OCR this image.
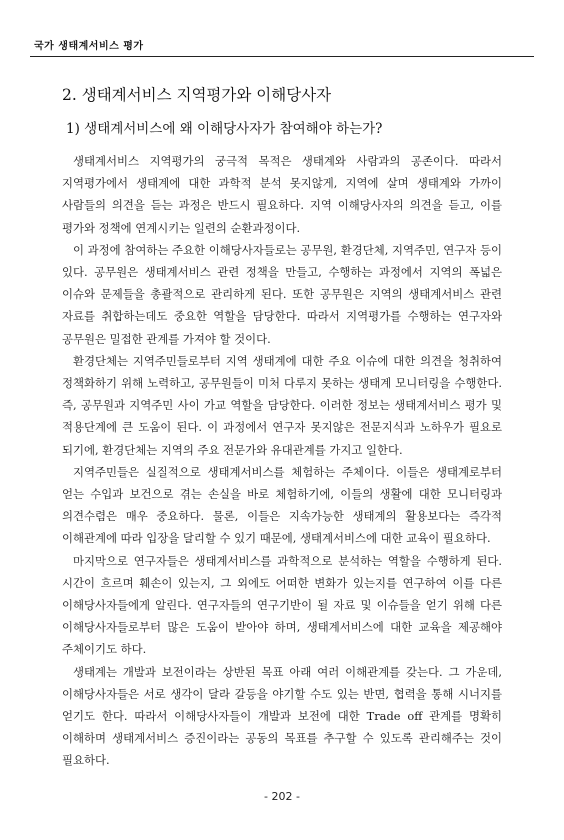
국가 생태계서비스 평가
2. 생태계서비스 지역평가와 이해당사자
1) 생태계서비스에 왜 이해당사자가 참여해야 하는가?

생태계서비스 지역평가의 궁극적 목적은 생태계와 사람과의 공존이다. 따라서 지역평가에서 생태계에 대한 과학적 분석 못지않게, 지역에 살며 생태계와 가까이 사람들의 의견을 듣는 과정은 반드시 필요하다. 지역 이해당사자의 의견을 듣고, 이를 평가와 정책에 연계시키는 일련의 순환과정이다.

이 과정에 참여하는 주요한 이해당사자들로는 공무원, 환경단체, 지역주민, 연구자 등이 있다. 공무원은 생태계서비스 관련 정책을 만들고, 수행하는 과정에서 지역의 폭넓은 이슈와 문제들을 총괄적으로 관리하게 된다. 또한 공무원은 지역의 생태계서비스 관련 자료를 취합하는데도 중요한 역할을 담당한다. 따라서 지역평가를 수행하는 연구자와 공무원은 밀접한 관계를 가져야 할 것이다.

환경단체는 지역주민들로부터 지역 생태계에 대한 주요 이슈에 대한 의견을 청취하여 정책화하기 위해 노력하고, 공무원들이 미처 다루지 못하는 생태계 모니터링을 수행한다. 즉, 공무원과 지역주민 사이 가교 역할을 담당한다. 이러한 정보는 생태계서비스 평가 및 적용단계에 큰 도움이 된다. 이 과정에서 연구자 못지않은 전문지식과 노하우가 필요로 되기에, 환경단체는 지역의 주요 전문가와 유대관계를 가지고 일한다.

지역주민들은 실질적으로 생태계서비스를 체험하는 주체이다. 이들은 생태계로부터 얻는 수입과 보건으로 겪는 손실을 바로 체험하기에, 이들의 생활에 대한 모니터링과 의견수렴은 매우 중요하다. 물론, 이들은 지속가능한 생태계의 활용보다는 즉각적 이해관계에 따라 입장을 달리할 수 있기 때문에, 생태계서비스에 대한 교육이 필요하다.

마지막으로 연구자들은 생태계서비스를 과학적으로 분석하는 역할을 수행하게 된다. 시간이 흐르며 훼손이 있는지, 그 외에도 어떠한 변화가 있는지를 연구하여 이를 다른 이해당사자들에게 알린다. 연구자들의 연구기반이 될 자료 및 이슈들을 얻기 위해 다른 이해당사자들로부터 많은 도움이 받아야 하며, 생태계서비스에 대한 교육을 제공해야 주체이기도 하다.

생태계는 개발과 보전이라는 상반된 목표 아래 여러 이해관계를 갖는다. 그 가운데, 이해당사자들은 서로 생각이 달라 갈등을 야기할 수도 있는 반면, 협력을 통해 시너지를 얻기도 한다. 따라서 이해당사자들이 개발과 보전에 대한 Trade off 관계를 명확히 이해하며 생태계서비스 증진이라는 공동의 목표를 추구할 수 있도록 관리해주는 것이 필요하다.

- 202 -
